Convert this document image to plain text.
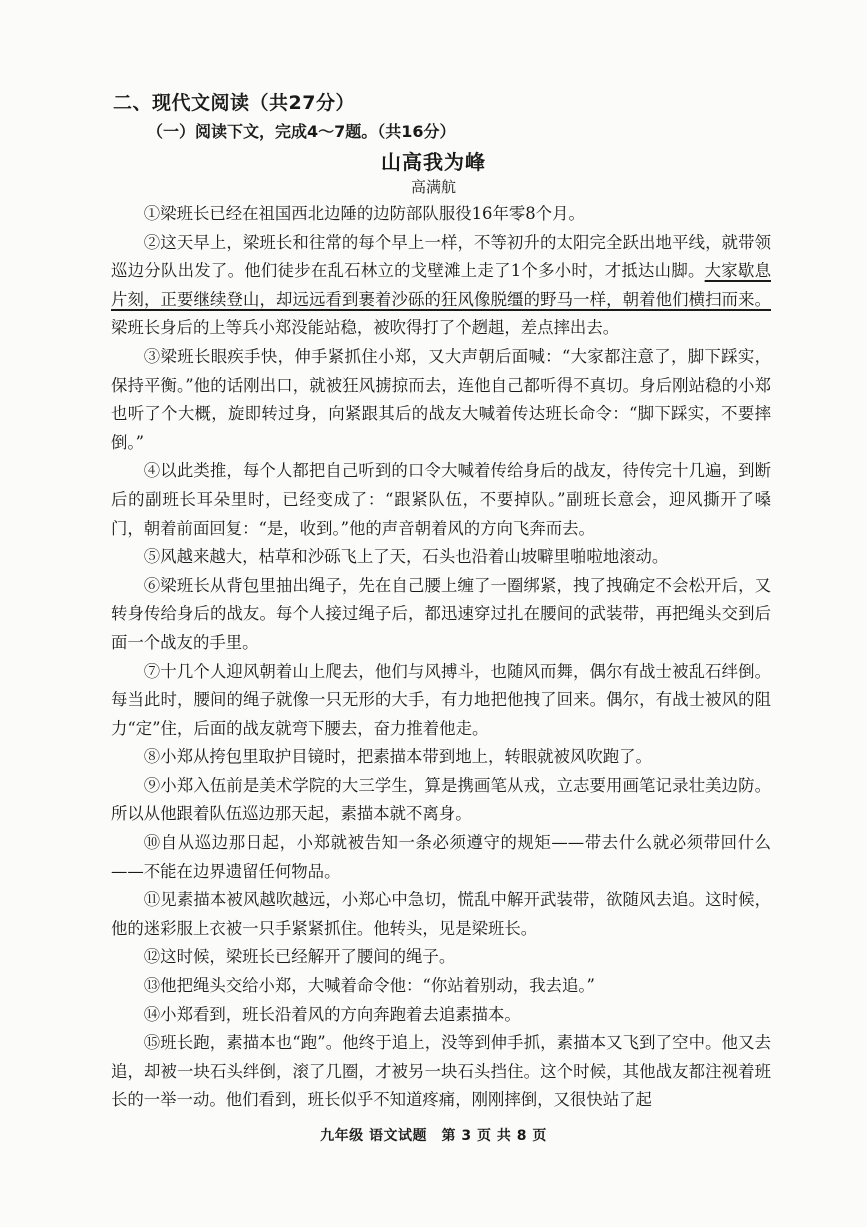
二、现代文阅读（共27分）
（一）阅读下文，完成4～7题。（共16分）
山高我为峰
高满航

①梁班长已经在祖国西北边陲的边防部队服役16年零8个月。

②这天早上，梁班长和往常的每个早上一样，不等初升的太阳完全跃出地平线，就带领巡边分队出发了。他们徒步在乱石林立的戈壁滩上走了1个多小时，才抵达山脚。大家歇息片刻，正要继续登山，却远远看到裹着沙砾的狂风像脱缰的野马一样，朝着他们横扫而来。梁班长身后的上等兵小郑没能站稳，被吹得打了个趔趄，差点摔出去。

③梁班长眼疾手快，伸手紧抓住小郑，又大声朝后面喊：“大家都注意了，脚下踩实，保持平衡。”他的话刚出口，就被狂风掳掠而去，连他自己都听得不真切。身后刚站稳的小郑也听了个大概，旋即转过身，向紧跟其后的战友大喊着传达班长命令：“脚下踩实，不要摔倒。”

④以此类推，每个人都把自己听到的口令大喊着传给身后的战友，待传完十几遍，到断后的副班长耳朵里时，已经变成了：“跟紧队伍，不要掉队。”副班长意会，迎风撕开了嗓门，朝着前面回复：“是，收到。”他的声音朝着风的方向飞奔而去。

⑤风越来越大，枯草和沙砾飞上了天，石头也沿着山坡噼里啪啦地滚动。

⑥梁班长从背包里抽出绳子，先在自己腰上缠了一圈绑紧，拽了拽确定不会松开后，又转身传给身后的战友。每个人接过绳子后，都迅速穿过扎在腰间的武装带，再把绳头交到后面一个战友的手里。

⑦十几个人迎风朝着山上爬去，他们与风搏斗，也随风而舞，偶尔有战士被乱石绊倒。每当此时，腰间的绳子就像一只无形的大手，有力地把他拽了回来。偶尔，有战士被风的阻力“定”住，后面的战友就弯下腰去，奋力推着他走。

⑧小郑从挎包里取护目镜时，把素描本带到地上，转眼就被风吹跑了。

⑨小郑入伍前是美术学院的大三学生，算是携画笔从戎，立志要用画笔记录壮美边防。所以从他跟着队伍巡边那天起，素描本就不离身。

⑩自从巡边那日起，小郑就被告知一条必须遵守的规矩——带去什么就必须带回什么——不能在边界遗留任何物品。

⑪见素描本被风越吹越远，小郑心中急切，慌乱中解开武装带，欲随风去追。这时候，他的迷彩服上衣被一只手紧紧抓住。他转头，见是梁班长。

⑫这时候，梁班长已经解开了腰间的绳子。

⑬他把绳头交给小郑，大喊着命令他：“你站着别动，我去追。”

⑭小郑看到，班长沿着风的方向奔跑着去追素描本。

⑮班长跑，素描本也“跑”。他终于追上，没等到伸手抓，素描本又飞到了空中。他又去追，却被一块石头绊倒，滚了几圈，才被另一块石头挡住。这个时候，其他战友都注视着班长的一举一动。他们看到，班长似乎不知道疼痛，刚刚摔倒，又很快站了起

九年级 语文试题　第 3 页 共 8 页
